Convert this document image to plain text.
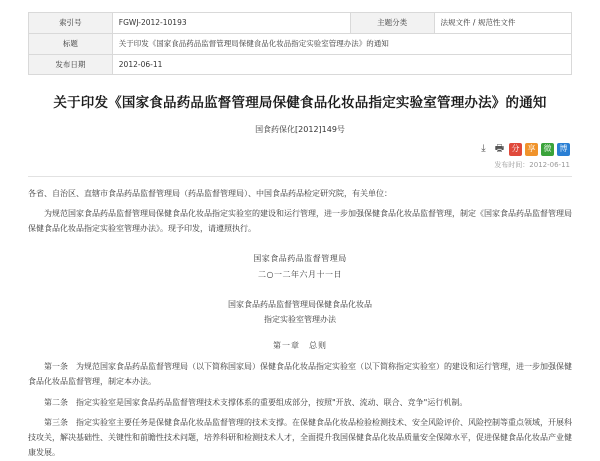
索引号	FGWJ-2012-10193	主题分类	法规文件 / 规范性文件
标题	关于印发《国家食品药品监督管理局保健食品化妆品指定实验室管理办法》的通知		
发布日期	2012-06-11		
关于印发《国家食品药品监督管理局保健食品化妆品指定实验室管理办法》的通知
国食药保化[2012]149号
⤓ 🖶 分	享	微	博
发布时间：2012-06-11

各省、自治区、直辖市食品药品监督管理局（药品监督管理局）、中国食品药品检定研究院，有关单位：

为规范国家食品药品监督管理局保健食品化妆品指定实验室的建设和运行管理，进一步加强保健食品化妆品监督管理，制定《国家食品药品监督管理局保健食品化妆品指定实验室管理办法》。现予印发，请遵照执行。

国家食品药品监督管理局
二○一二年六月十一日
国家食品药品监督管理局保健食品化妆品
指定实验室管理办法
第一章　总则

第一条　为规范国家食品药品监督管理局（以下简称国家局）保健食品化妆品指定实验室（以下简称指定实验室）的建设和运行管理，进一步加强保健食品化妆品监督管理，制定本办法。

第二条　指定实验室是国家食品药品监督管理技术支撑体系的重要组成部分，按照"开放、流动、联合、竞争"运行机制。

第三条　指定实验室主要任务是保健食品化妆品监督管理的技术支撑。在保健食品化妆品检验检测技术、安全风险评价、风险控制等重点领域，开展科技攻关，解决基础性、关键性和前瞻性技术问题，培养科研和检测技术人才，全面提升我国保健食品化妆品质量安全保障水平，促进保健食品化妆品产业健康发展。
